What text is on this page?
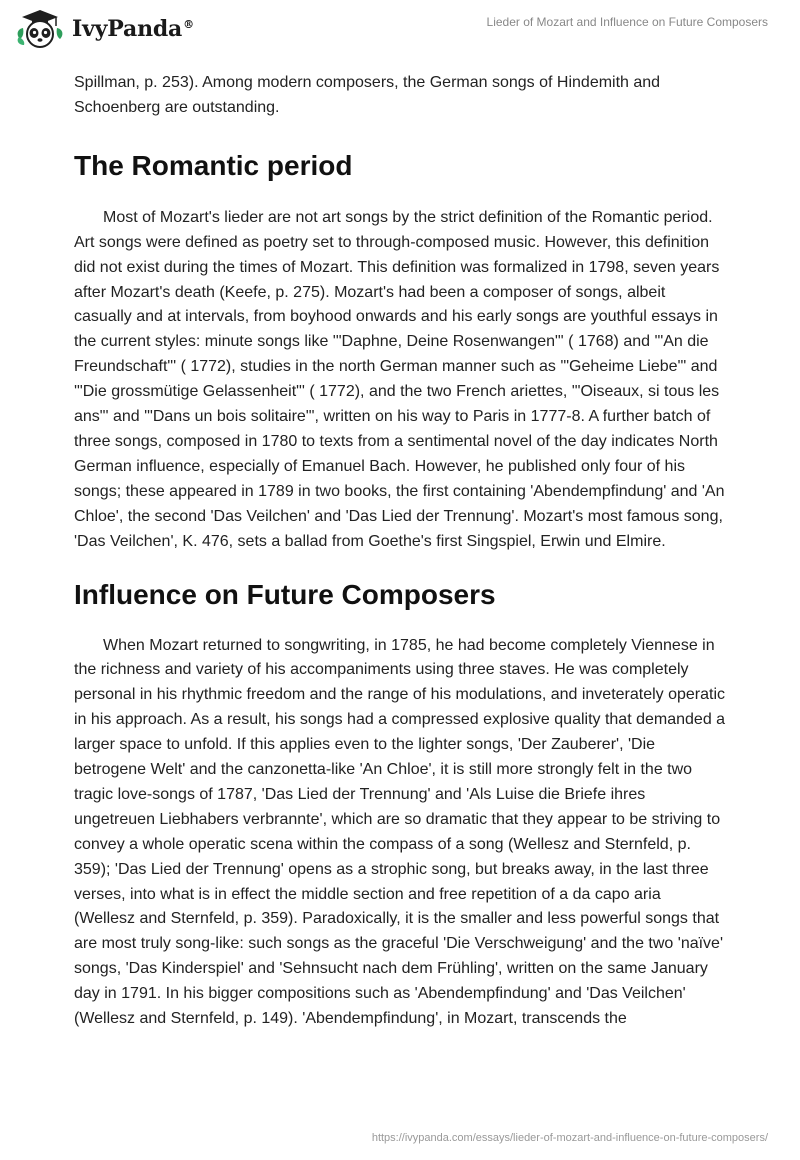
IvyPanda®	Lieder of Mozart and Influence on Future Composers

Spillman, p. 253). Among modern composers, the German songs of Hindemith and Schoenberg are outstanding.

The Romantic period

Most of Mozart's lieder are not art songs by the strict definition of the Romantic period. Art songs were defined as poetry set to through-composed music. However, this definition did not exist during the times of Mozart. This definition was formalized in 1798, seven years after Mozart's death (Keefe, p. 275). Mozart's had been a composer of songs, albeit casually and at intervals, from boyhood onwards and his early songs are youthful essays in the current styles: minute songs like '"Daphne, Deine Rosenwangen"' ( 1768) and '"An die Freundschaft"' ( 1772), studies in the north German manner such as '"Geheime Liebe"' and '"Die grossmütige Gelassenheit"' ( 1772), and the two French ariettes, '"Oiseaux, si tous les ans"' and '"Dans un bois solitaire"', written on his way to Paris in 1777-8. A further batch of three songs, composed in 1780 to texts from a sentimental novel of the day indicates North German influence, especially of Emanuel Bach. However, he published only four of his songs; these appeared in 1789 in two books, the first containing 'Abendempfindung' and 'An Chloe', the second 'Das Veilchen' and 'Das Lied der Trennung'. Mozart's most famous song, 'Das Veilchen', K. 476, sets a ballad from Goethe's first Singspiel, Erwin und Elmire.

Influence on Future Composers

When Mozart returned to songwriting, in 1785, he had become completely Viennese in the richness and variety of his accompaniments using three staves. He was completely personal in his rhythmic freedom and the range of his modulations, and inveterately operatic in his approach. As a result, his songs had a compressed explosive quality that demanded a larger space to unfold. If this applies even to the lighter songs, 'Der Zauberer', 'Die betrogene Welt' and the canzonetta-like 'An Chloe', it is still more strongly felt in the two tragic love-songs of 1787, 'Das Lied der Trennung' and 'Als Luise die Briefe ihres ungetreuen Liebhabers verbrannte', which are so dramatic that they appear to be striving to convey a whole operatic scena within the compass of a song (Wellesz and Sternfeld, p. 359); 'Das Lied der Trennung' opens as a strophic song, but breaks away, in the last three verses, into what is in effect the middle section and free repetition of a da capo aria (Wellesz and Sternfeld, p. 359). Paradoxically, it is the smaller and less powerful songs that are most truly song-like: such songs as the graceful 'Die Verschweigung' and the two 'naïve' songs, 'Das Kinderspiel' and 'Sehnsucht nach dem Frühling', written on the same January day in 1791. In his bigger compositions such as 'Abendempfindung' and 'Das Veilchen' (Wellesz and Sternfeld, p. 149). 'Abendempfindung', in Mozart, transcends the

https://ivypanda.com/essays/lieder-of-mozart-and-influence-on-future-composers/
